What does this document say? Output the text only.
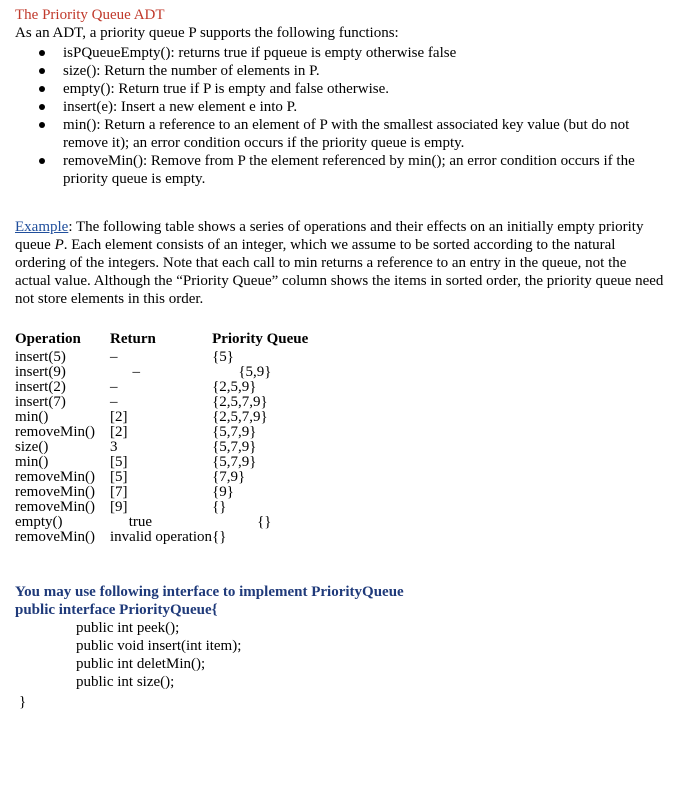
The Priority Queue ADT

As an ADT, a priority queue P supports the following functions:

isPQueueEmpty(): returns true if pqueue is empty otherwise false
size(): Return the number of elements in P.
empty(): Return true if P is empty and false otherwise.
insert(e): Insert a new element e into P.
min(): Return a reference to an element of P with the smallest associated key value (but do not remove it); an error condition occurs if the priority queue is empty.
removeMin(): Remove from P the element referenced by min(); an error condition occurs if the priority queue is empty.

Example: The following table shows a series of operations and their effects on an initially empty priority queue P. Each element consists of an integer, which we assume to be sorted according to the natural ordering of the integers. Note that each call to min returns a reference to an entry in the queue, not the actual value. Although the “Priority Queue” column shows the items in sorted order, the priority queue need not store elements in this order.

Operation	Return	Priority Queue
insert(5)	–	{5}
insert(9)	–	{5,9}
insert(2)	–	{2,5,9}
insert(7)	–	{2,5,7,9}
min()	[2]	{2,5,7,9}
removeMin()	[2]	{5,7,9}
size()	3	{5,7,9}
min()	[5]	{5,7,9}
removeMin()	[5]	{7,9}
removeMin()	[7]	{9}
removeMin()	[9]	{}
empty()	true	{}
removeMin()	invalid operation	{}
You may use following interface to implement PriorityQueue
public interface PriorityQueue{
public int peek();
public void insert(int item);
public int deletMin();
public int size();
}
